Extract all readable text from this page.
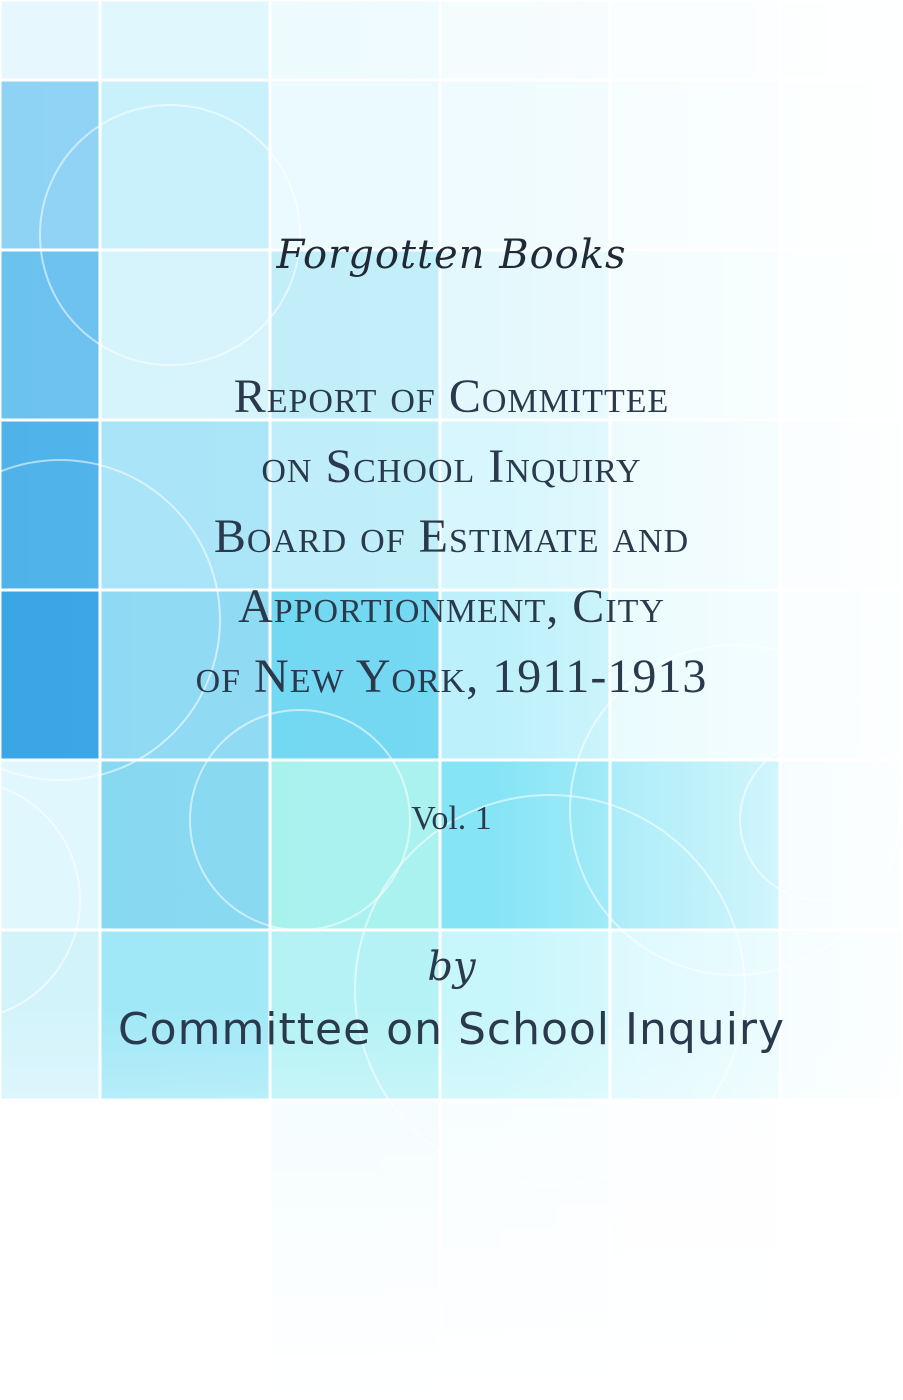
Forgotten Books
Report of Committee
on School Inquiry
Board of Estimate and
Apportionment, City
of New York, 1911-1913
Vol. 1
by
Committee on School Inquiry
